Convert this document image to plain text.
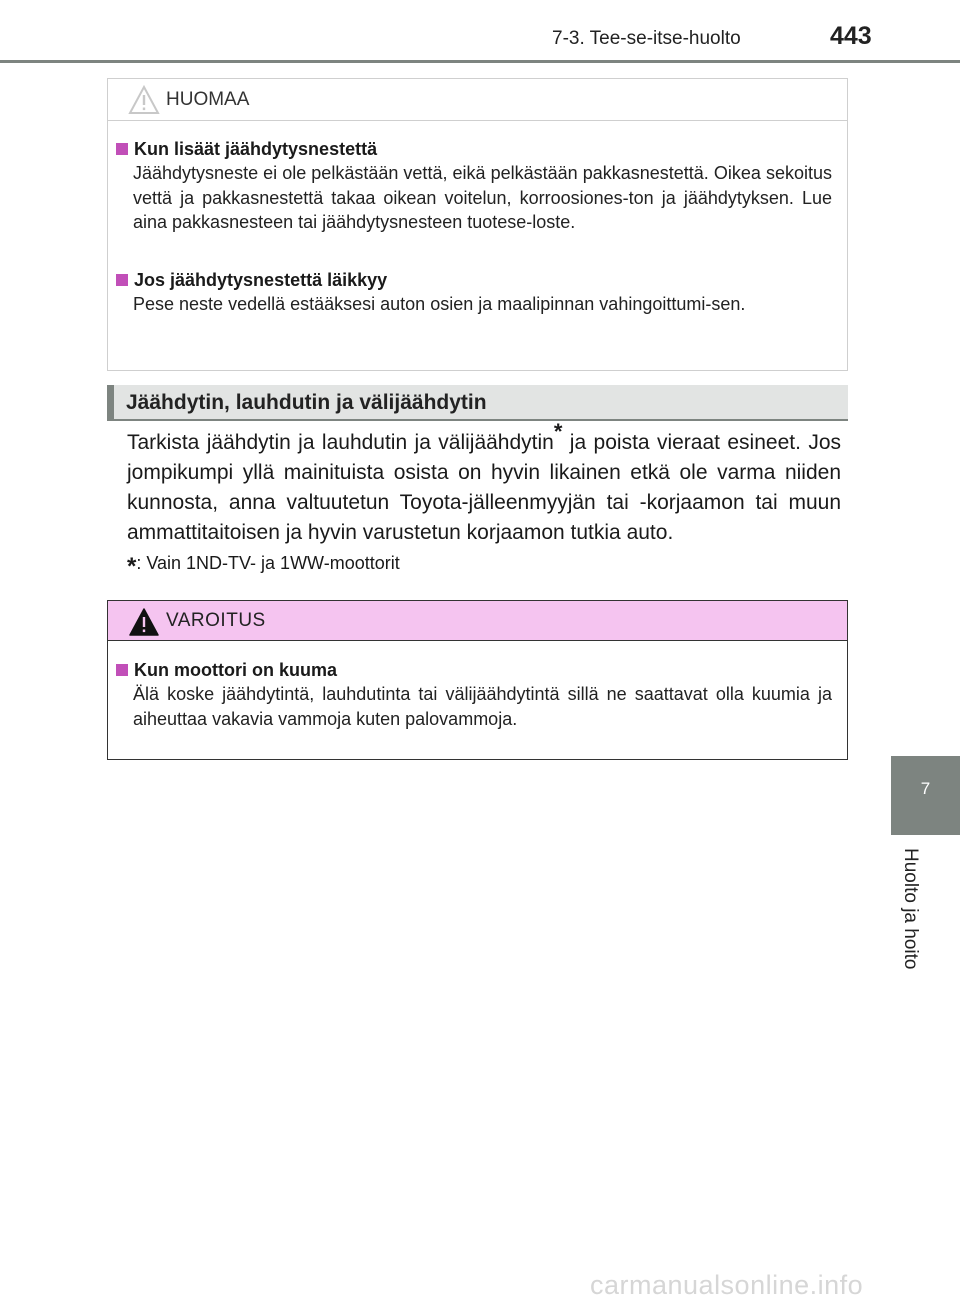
7-3. Tee-se-itse-huolto	443
7
Huolto ja hoito
HUOMAA
Kun lisäät jäähdytysnestettä
Jäähdytysneste ei ole pelkästään vettä, eikä pelkästään pakkasnestettä. Oikea sekoitus vettä ja pakkasnestettä takaa oikean voitelun, korroosiones-ton ja jäähdytyksen. Lue aina pakkasnesteen tai jäähdytysnesteen tuotese-loste.
Jos jäähdytysnestettä läikkyy
Pese neste vedellä estääksesi auton osien ja maalipinnan vahingoittumi-sen.
Jäähdytin, lauhdutin ja välijäähdytin
Tarkista jäähdytin ja lauhdutin ja välijäähdytin* ja poista vieraat esineet. Jos jompikumpi yllä mainituista osista on hyvin likainen etkä ole varma niiden kunnosta, anna valtuutetun Toyota-jälleenmyyjän tai -korjaamon tai muun ammattitaitoisen ja hyvin varustetun korjaamon tutkia auto.
*: Vain 1ND-TV- ja 1WW-moottorit
VAROITUS
Kun moottori on kuuma
Älä koske jäähdytintä, lauhdutinta tai välijäähdytintä sillä ne saattavat olla kuumia ja aiheuttaa vakavia vammoja kuten palovammoja.
carmanualsonline.info
